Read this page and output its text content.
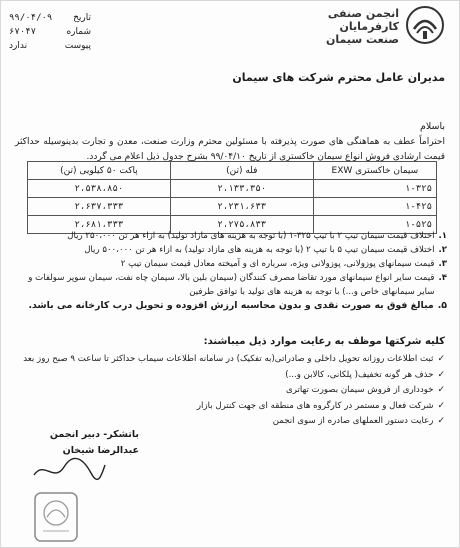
انجمن صنفی
کارفرمایان
صنعت سیمان
تاریخ
۹۹/۰۴/۰۹
شماره
۶۷۰۴۷
پیوست
ندارد
مدیران عامل محترم شرکت های سیمان
باسلام
احتراماً عطف به هماهنگی های صورت پذیرفته با مسئولین محترم وزارت صنعت، معدن و تجارت بدینوسیله حداکثر قیمت ارشادی فروش انواع سیمان خاکستری از تاریخ ۹۹/۰۴/۱۰ بشرح جدول ذیل اعلام می گردد.
سیمان خاکستری EXW	فله (تن)	پاکت ۵۰ کیلویی (تن)
۱-۳۲۵	۲،۱۳۳،۳۵۰	۲،۵۳۸،۸۵۰
۱-۴۲۵	۲،۲۳۱،۶۳۳	۲،۶۳۷،۳۳۳
۱-۵۲۵	۲،۲۷۵،۸۳۳	۲،۶۸۱،۳۳۳
۱.
اختلاف قیمت سیمان تیپ ۲ با تیپ ۳۲۵-۱ (با توجه به هزینه های مازاد تولید) به ازاء هر تن ۲۵۰،۰۰۰ ریال
۲.
اختلاف قیمت سیمان تیپ ۵ با تیپ ۲ (با توجه به هزینه های مازاد تولید) به ازاء هر تن ۵۰۰،۰۰۰ ریال
۳.
قیمت سیمانهای پوزولانی، پوزولانی ویژه، سرباره ای و آمیخته معادل قیمت سیمان تیپ ۲
۴.
قیمت سایر انواع سیمانهای مورد تقاضا مصرف کنندگان (سیمان بلین بالا، سیمان چاه نفت، سیمان سوپر سولفات و سایر سیمانهای خاص و...) با توجه به هزینه های تولید با توافق طرفین
۵.
مبالغ فوق به صورت نقدی و بدون محاسبه ارزش افزوده و تحویل درب کارخانه می باشد.
کلیه شرکتها موظف به رعایت موارد ذیل میباشند:
✓
ثبت اطلاعات روزانه تحویل داخلی و صادراتی(به تفکیک) در سامانه اطلاعات سیماب حداکثر تا ساعت ۹ صبح روز بعد
✓
حذف هر گونه تخفیف( پلکانی، کالابن و...)
✓
خودداری از فروش سیمان بصورت تهاتری
✓
شرکت فعال و مستمر در کارگروه های منطقه ای جهت کنترل بازار
✓
رعایت دستور العملهای صادره از سوی انجمن
باتشکر- دبیر انجمن
عبدالرضا شیخان
